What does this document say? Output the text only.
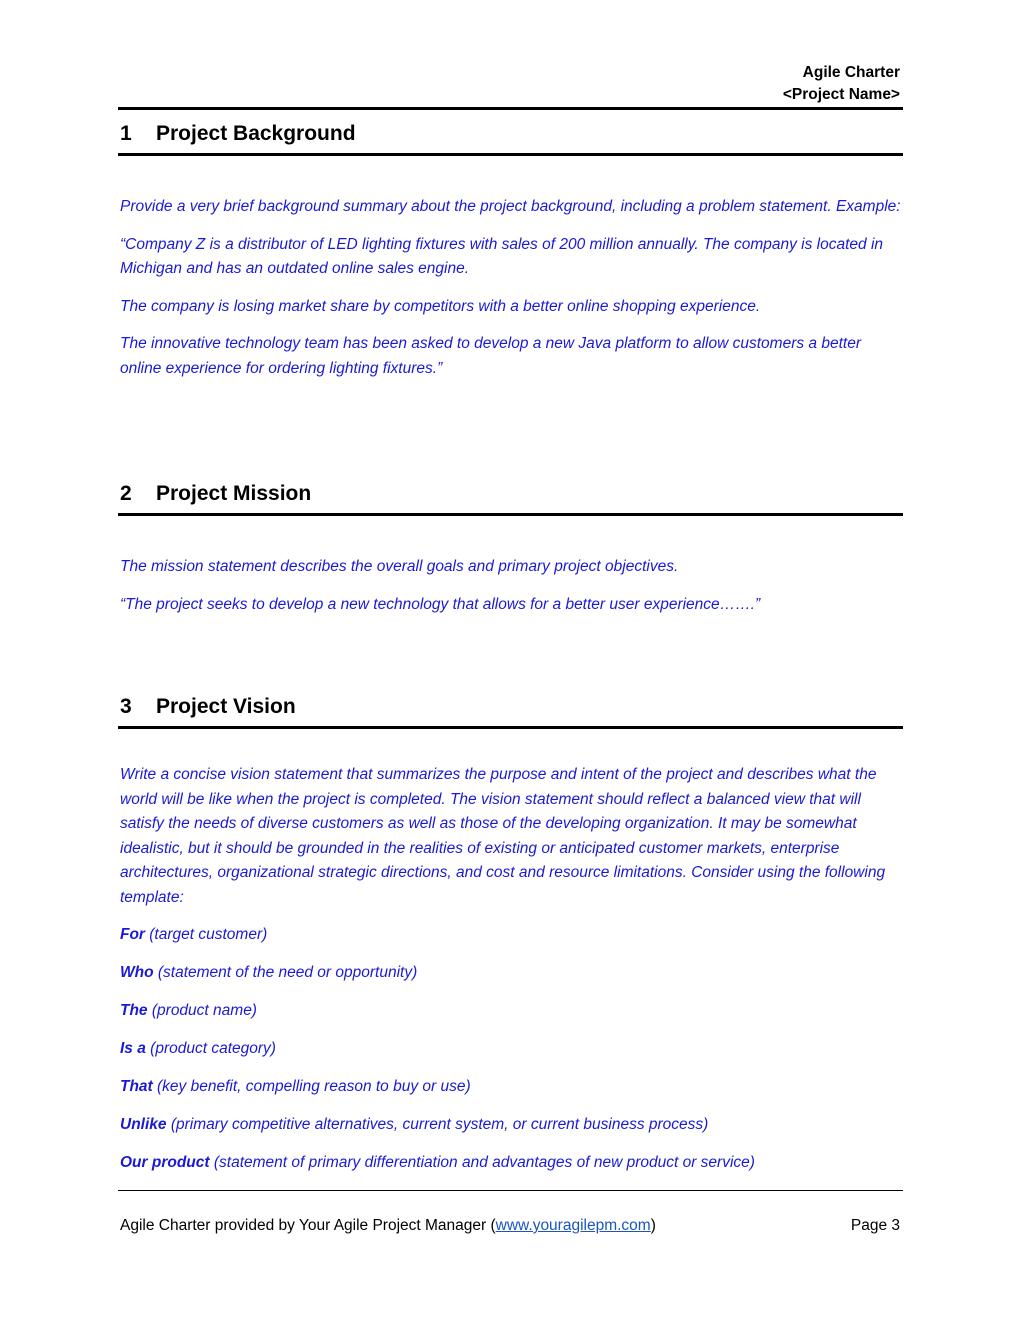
Agile Charter
<Project Name>
1 Project Background

Provide a very brief background summary about the project background, including a problem statement. Example:

“Company Z is a distributor of LED lighting fixtures with sales of 200 million annually. The company is located in Michigan and has an outdated online sales engine.

The company is losing market share by competitors with a better online shopping experience.

The innovative technology team has been asked to develop a new Java platform to allow customers a better online experience for ordering lighting fixtures.”

2 Project Mission

The mission statement describes the overall goals and primary project objectives.

“The project seeks to develop a new technology that allows for a better user experience…….”

3 Project Vision

Write a concise vision statement that summarizes the purpose and intent of the project and describes what the world will be like when the project is completed. The vision statement should reflect a balanced view that will satisfy the needs of diverse customers as well as those of the developing organization. It may be somewhat idealistic, but it should be grounded in the realities of existing or anticipated customer markets, enterprise architectures, organizational strategic directions, and cost and resource limitations. Consider using the following template:

For (target customer)

Who (statement of the need or opportunity)

The (product name)

Is a (product category)

That (key benefit, compelling reason to buy or use)

Unlike (primary competitive alternatives, current system, or current business process)

Our product (statement of primary differentiation and advantages of new product or service)

Agile Charter provided by Your Agile Project Manager (www.youragilepm.com)	Page 3
